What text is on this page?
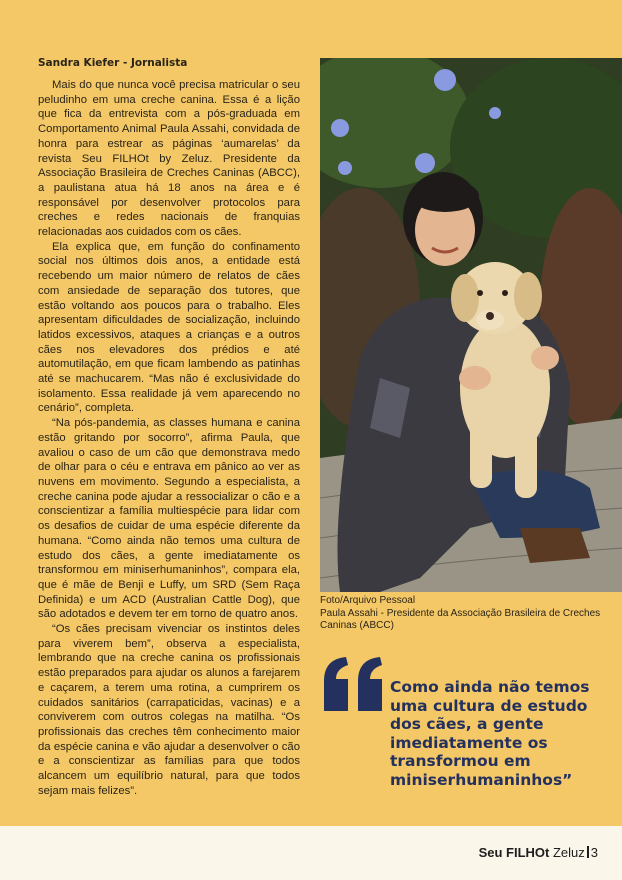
Sandra Kiefer - Jornalista

Mais do que nunca você precisa matricular o seu peludinho em uma creche canina. Essa é a lição que fica da entrevista com a pós-graduada em Comportamento Animal Paula Assahi, convidada de honra para estrear as páginas ‘aumarelas’ da revista Seu FILHOt by Zeluz. Presidente da Associação Brasileira de Creches Caninas (ABCC), a paulistana atua há 18 anos na área e é responsável por desenvolver protocolos para creches e redes nacionais de franquias relacionadas aos cuidados com os cães.

Ela explica que, em função do confinamento social nos últimos dois anos, a entidade está recebendo um maior número de relatos de cães com ansiedade de separação dos tutores, que estão voltando aos poucos para o trabalho. Eles apresentam dificuldades de socialização, incluindo latidos excessivos, ataques a crianças e a outros cães nos elevadores dos prédios e até automutilação, em que ficam lambendo as patinhas até se machucarem. “Mas não é exclusividade do isolamento. Essa realidade já vem aparecendo no cenário”, completa.

“Na pós-pandemia, as classes humana e canina estão gritando por socorro”, afirma Paula, que avaliou o caso de um cão que demonstrava medo de olhar para o céu e entrava em pânico ao ver as nuvens em movimento. Segundo a especialista, a creche canina pode ajudar a ressocializar o cão e a conscientizar a família multiespécie para lidar com os desafios de cuidar de uma espécie diferente da humana. “Como ainda não temos uma cultura de estudo dos cães, a gente imediatamente os transformou em miniserhumaninhos”, compara ela, que é mãe de Benji e Luffy, um SRD (Sem Raça Definida) e um ACD (Australian Cattle Dog), que são adotados e devem ter em torno de quatro anos.

“Os cães precisam vivenciar os instintos deles para viverem bem”, observa a especialista, lembrando que na creche canina os profissionais estão preparados para ajudar os alunos a farejarem e caçarem, a terem uma rotina, a cumprirem os cuidados sanitários (carrapaticidas, vacinas) e a conviverem com outros colegas na matilha. “Os profissionais das creches têm conhecimento maior da espécie canina e vão ajudar a desenvolver o cão e a conscientizar as famílias para que todos alcancem um equilíbrio natural, para que todos sejam mais felizes”.

Foto/Arquivo Pessoal
Paula Assahi - Presidente da Associação Brasileira de Creches Caninas (ABCC)
Como ainda não temos uma cultura de estudo dos cães, a gente imediatamente os transformou em miniserhumaninhos”
Seu FILHOt Zeluz 3
